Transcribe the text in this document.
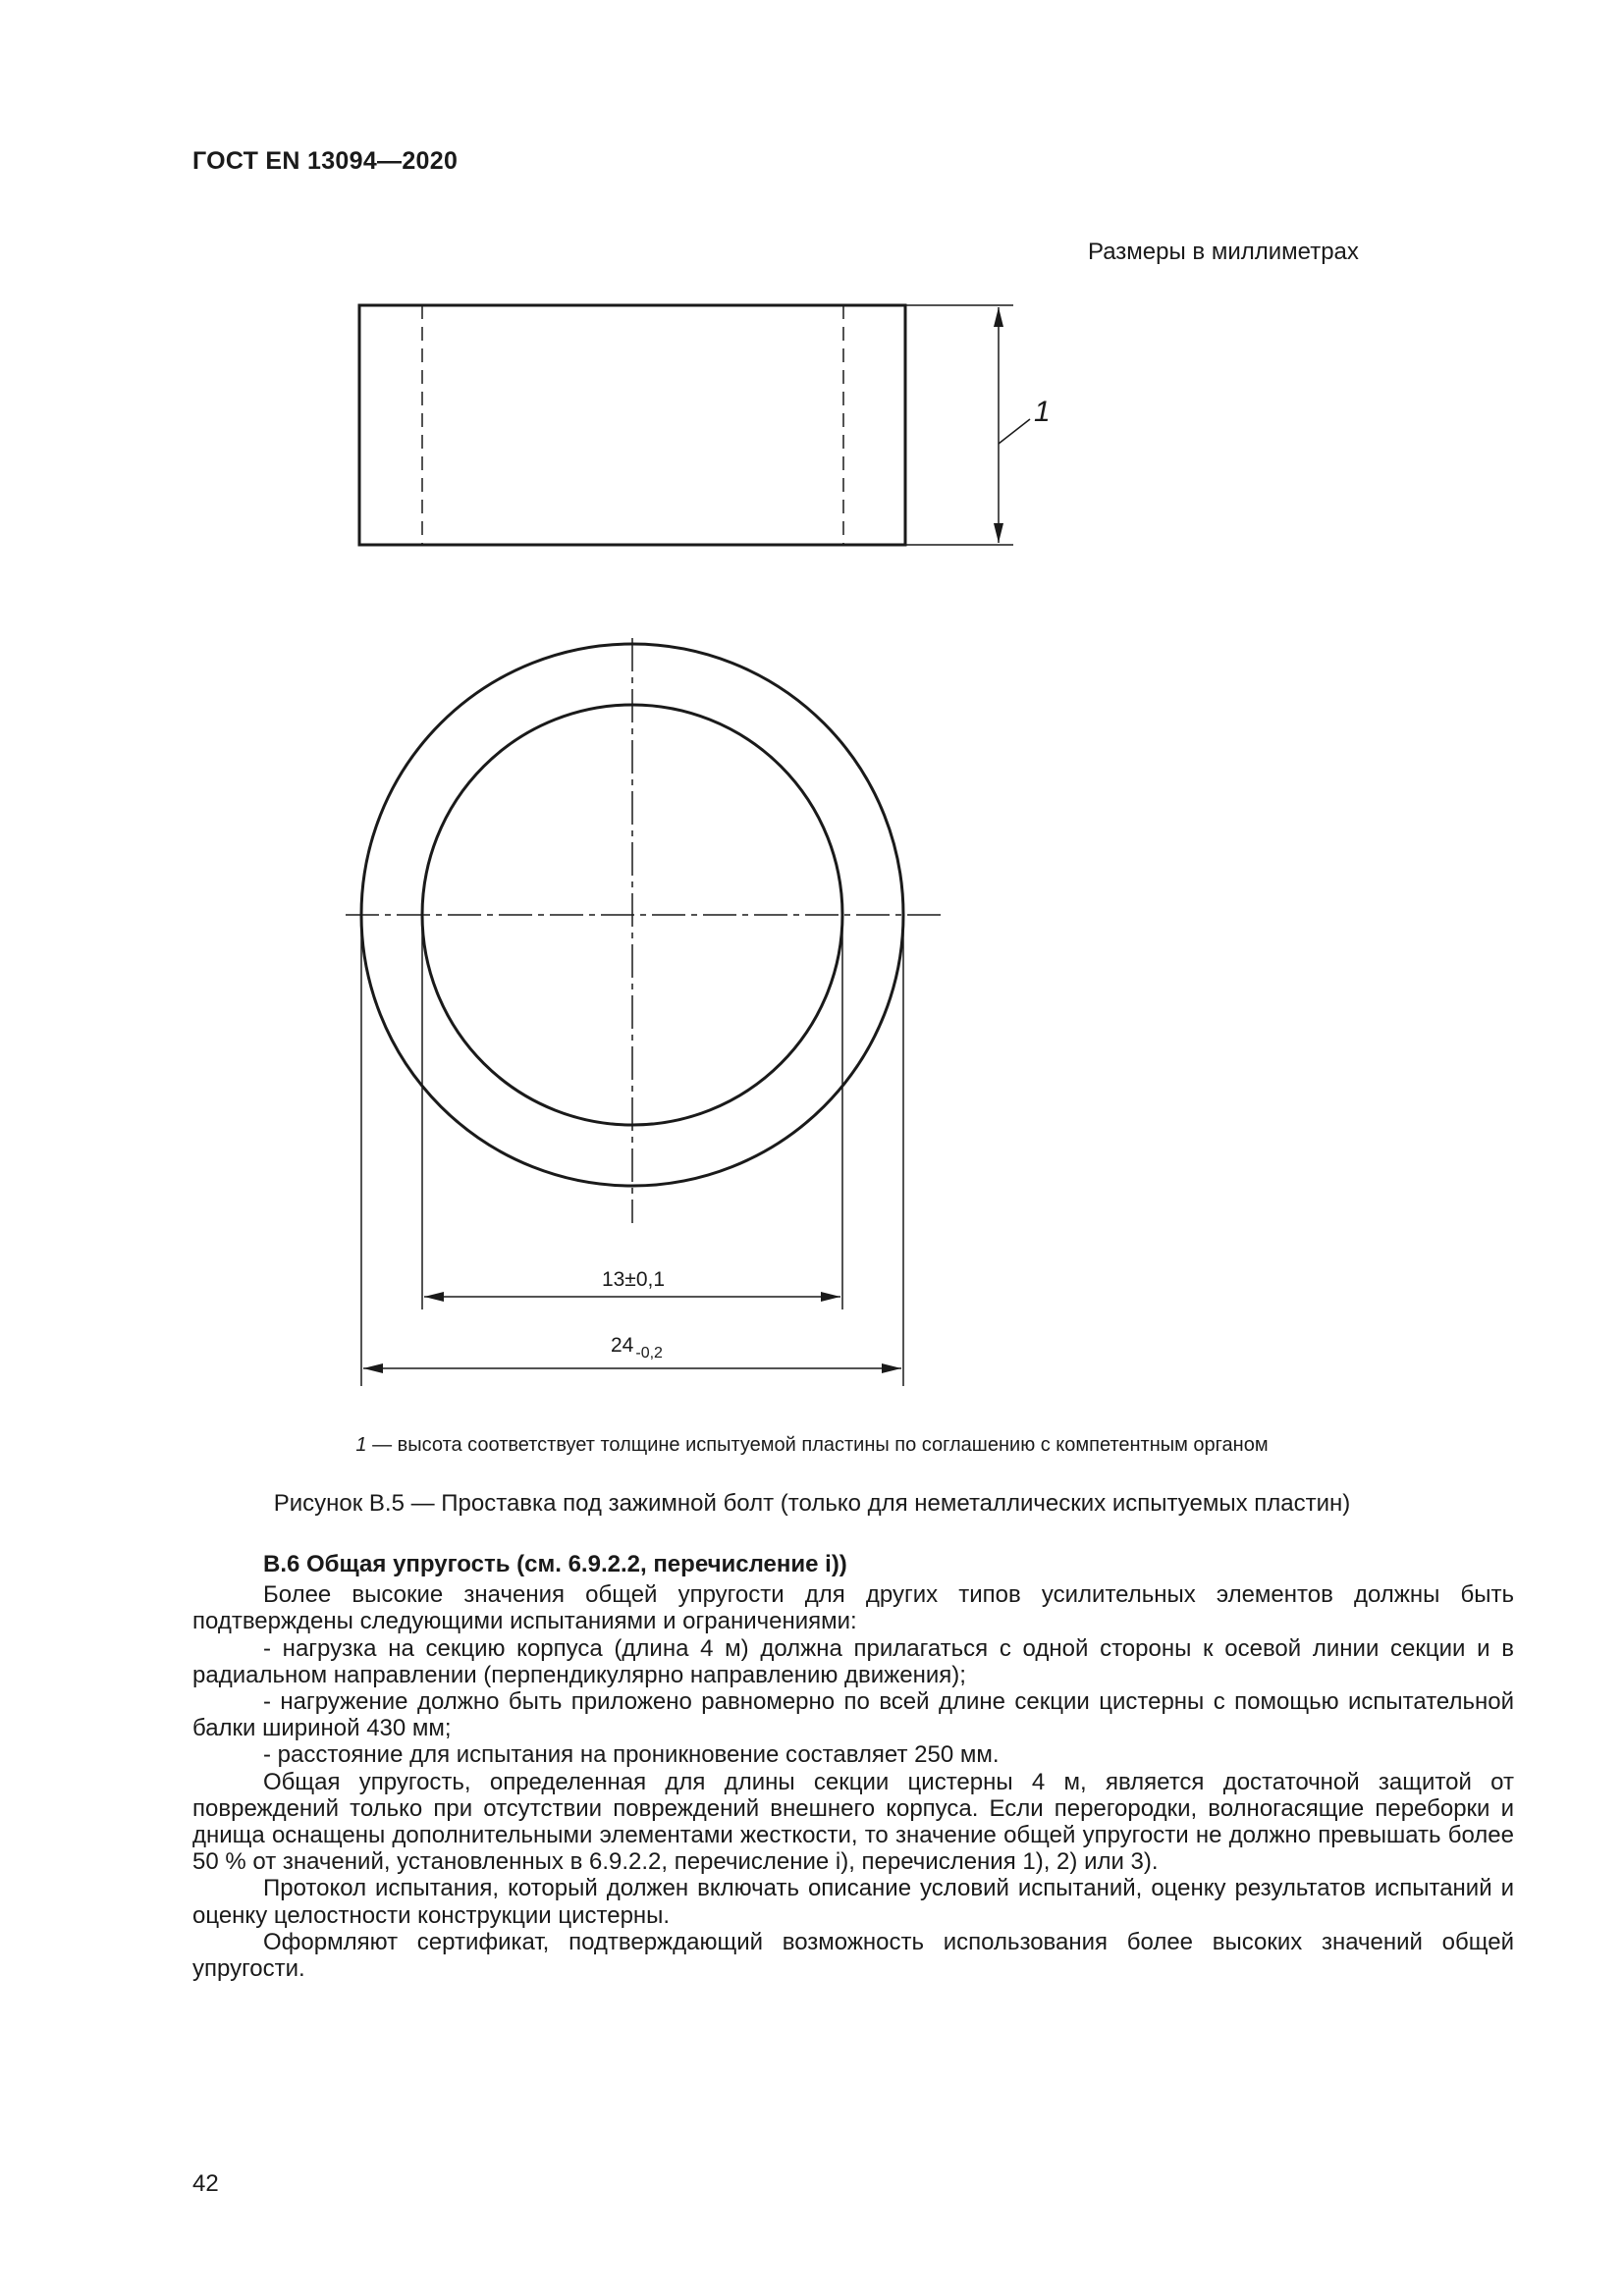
ГОСТ EN 13094—2020
Размеры в миллиметрах
1
13±0,1
24 $_{-0,2}$
1 — высота соответствует толщине испытуемой пластины по соглашению с компетентным органом
Рисунок В.5 — Проставка под зажимной болт (только для неметаллических испытуемых пластин)
В.6 Общая упругость (см. 6.9.2.2, перечисление i))

Более высокие значения общей упругости для других типов усилительных элементов должны быть подтверждены следующими испытаниями и ограничениями:

- нагрузка на секцию корпуса (длина 4 м) должна прилагаться с одной стороны к осевой линии секции и в радиальном направлении (перпендикулярно направлению движения);

- нагружение должно быть приложено равномерно по всей длине секции цистерны с помощью испытательной балки шириной 430 мм;

- расстояние для испытания на проникновение составляет 250 мм.

Общая упругость, определенная для длины секции цистерны 4 м, является достаточной защитой от повреждений только при отсутствии повреждений внешнего корпуса. Если перегородки, волногасящие переборки и днища оснащены дополнительными элементами жесткости, то значение общей упругости не должно превышать более 50 % от значений, установленных в 6.9.2.2, перечисление i), перечисления 1), 2) или 3).

Протокол испытания, который должен включать описание условий испытаний, оценку результатов испытаний и оценку целостности конструкции цистерны.

Оформляют сертификат, подтверждающий возможность использования более высоких значений общей упругости.

42
